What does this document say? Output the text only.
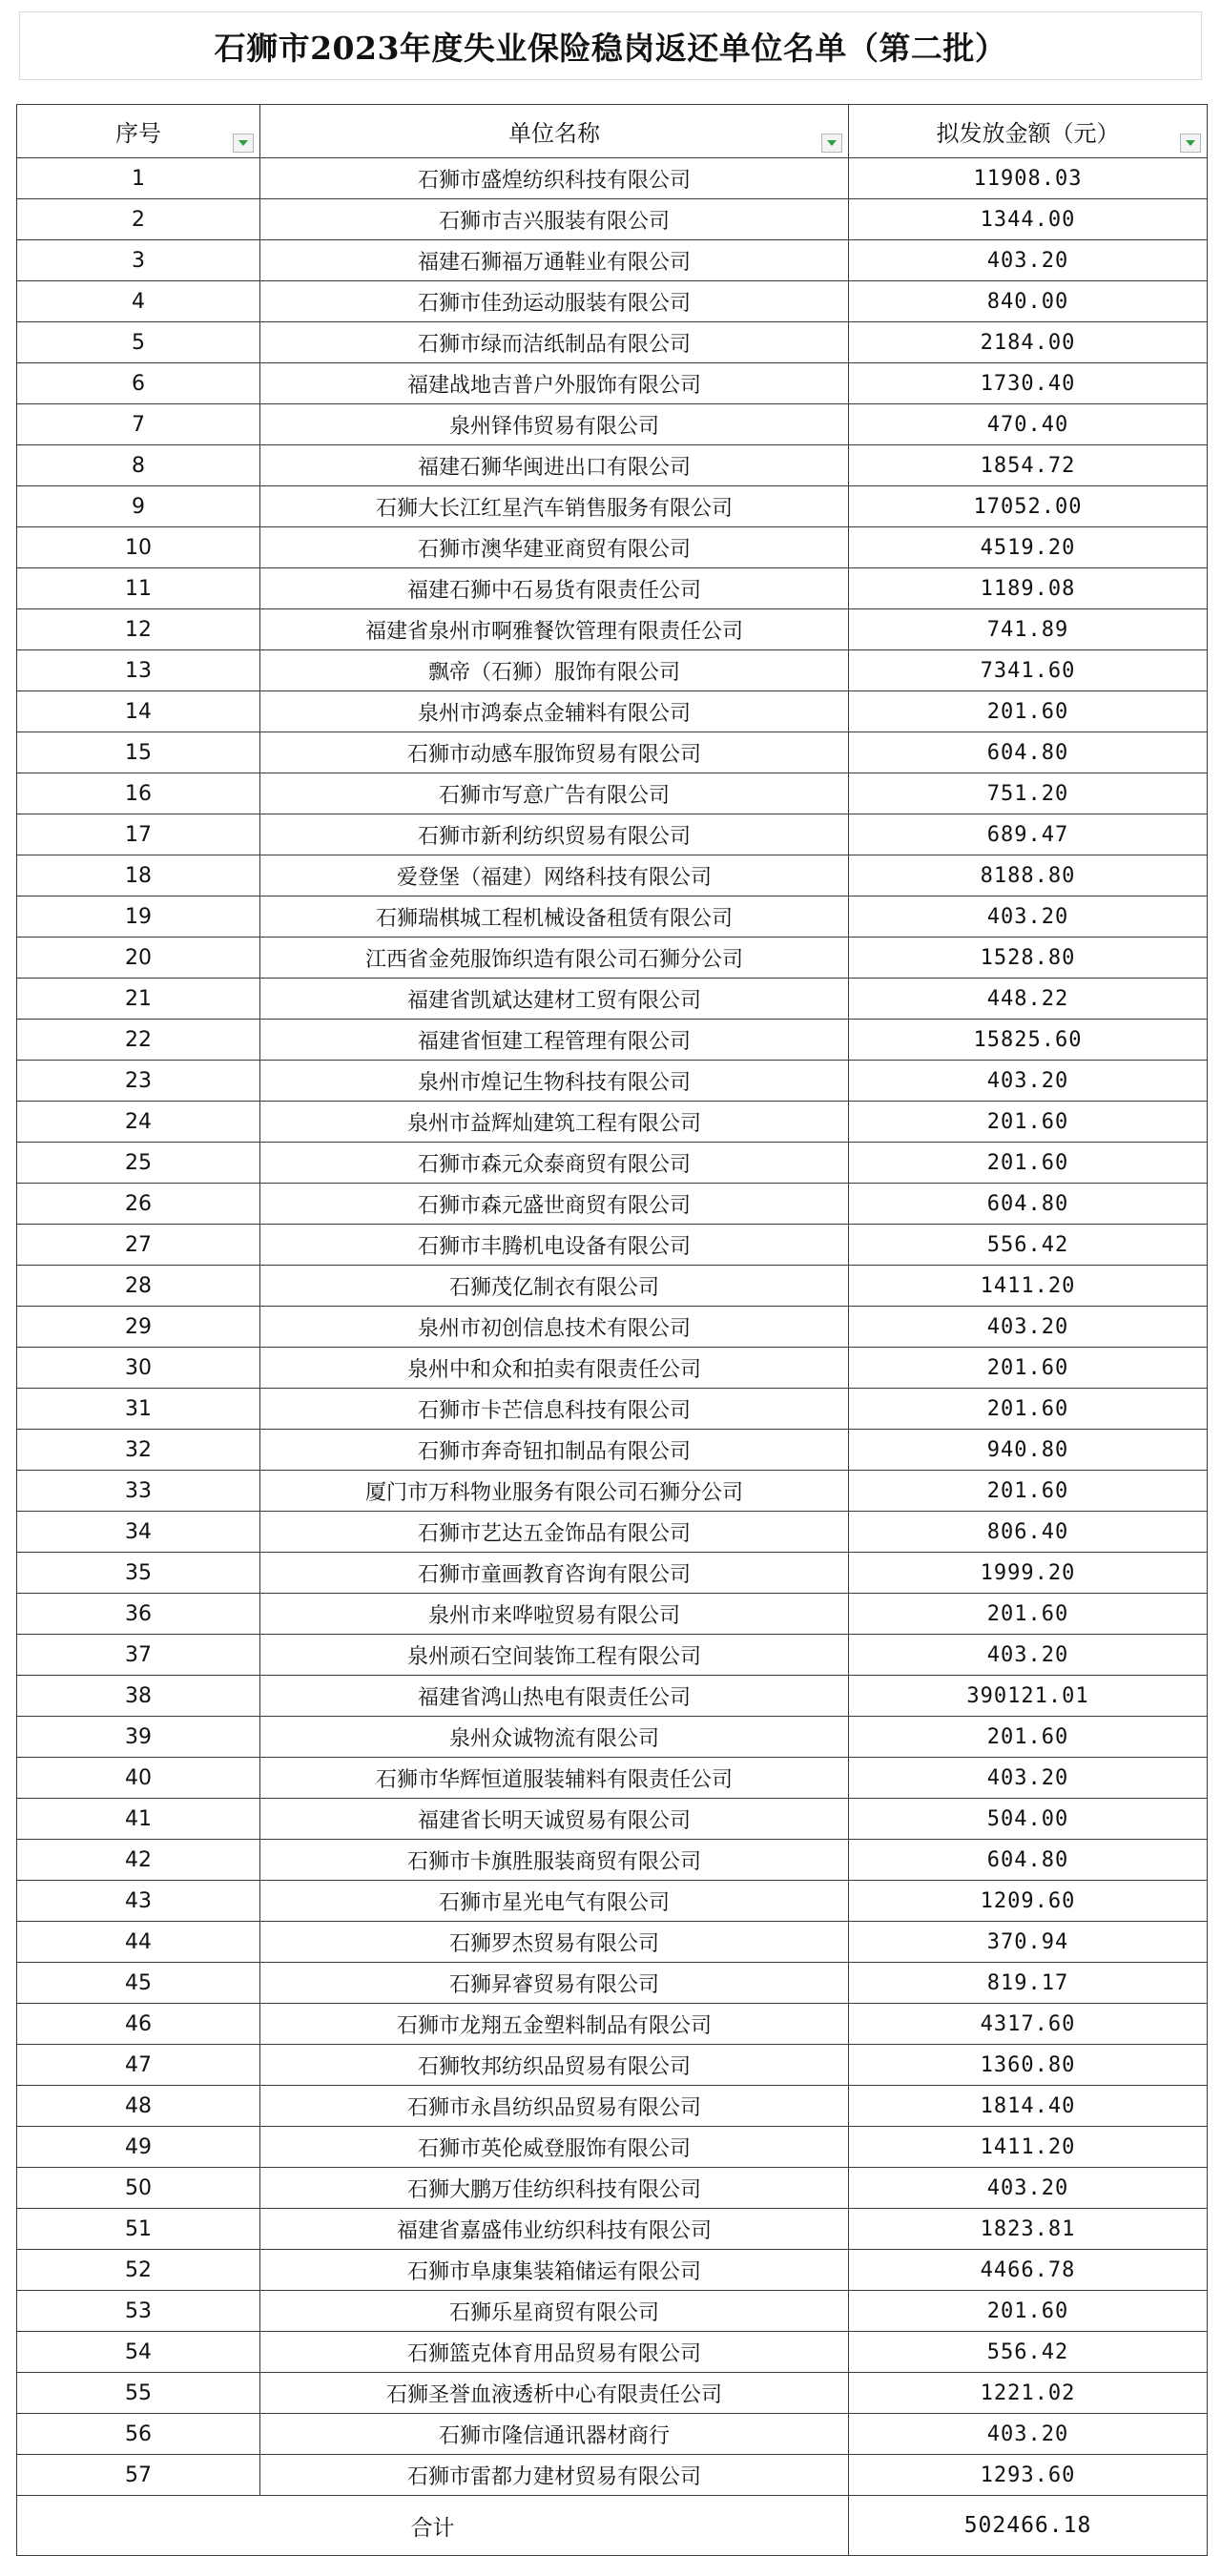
石狮市2023年度失业保险稳岗返还单位名单（第二批）
序号	单位名称	拟发放金额（元）

1	石狮市盛煌纺织科技有限公司	11908.03
2	石狮市吉兴服装有限公司	1344.00
3	福建石狮福万通鞋业有限公司	403.20
4	石狮市佳劲运动服装有限公司	840.00
5	石狮市绿而洁纸制品有限公司	2184.00
6	福建战地吉普户外服饰有限公司	1730.40
7	泉州铎伟贸易有限公司	470.40
8	福建石狮华闽进出口有限公司	1854.72
9	石狮大长江红星汽车销售服务有限公司	17052.00
10	石狮市澳华建亚商贸有限公司	4519.20
11	福建石狮中石易货有限责任公司	1189.08
12	福建省泉州市啊雅餐饮管理有限责任公司	741.89
13	飘帝（石狮）服饰有限公司	7341.60
14	泉州市鸿泰点金辅料有限公司	201.60
15	石狮市动感车服饰贸易有限公司	604.80
16	石狮市写意广告有限公司	751.20
17	石狮市新利纺织贸易有限公司	689.47
18	爱登堡（福建）网络科技有限公司	8188.80
19	石狮瑞棋城工程机械设备租赁有限公司	403.20
20	江西省金苑服饰织造有限公司石狮分公司	1528.80
21	福建省凯斌达建材工贸有限公司	448.22
22	福建省恒建工程管理有限公司	15825.60
23	泉州市煌记生物科技有限公司	403.20
24	泉州市益辉灿建筑工程有限公司	201.60
25	石狮市森元众泰商贸有限公司	201.60
26	石狮市森元盛世商贸有限公司	604.80
27	石狮市丰腾机电设备有限公司	556.42
28	石狮茂亿制衣有限公司	1411.20
29	泉州市初创信息技术有限公司	403.20
30	泉州中和众和拍卖有限责任公司	201.60
31	石狮市卡芒信息科技有限公司	201.60
32	石狮市奔奇钮扣制品有限公司	940.80
33	厦门市万科物业服务有限公司石狮分公司	201.60
34	石狮市艺达五金饰品有限公司	806.40
35	石狮市童画教育咨询有限公司	1999.20
36	泉州市来哗啦贸易有限公司	201.60
37	泉州顽石空间装饰工程有限公司	403.20
38	福建省鸿山热电有限责任公司	390121.01
39	泉州众诚物流有限公司	201.60
40	石狮市华辉恒道服装辅料有限责任公司	403.20
41	福建省长明天诚贸易有限公司	504.00
42	石狮市卡旗胜服装商贸有限公司	604.80
43	石狮市星光电气有限公司	1209.60
44	石狮罗杰贸易有限公司	370.94
45	石狮昇睿贸易有限公司	819.17
46	石狮市龙翔五金塑料制品有限公司	4317.60
47	石狮牧邦纺织品贸易有限公司	1360.80
48	石狮市永昌纺织品贸易有限公司	1814.40
49	石狮市英伦威登服饰有限公司	1411.20
50	石狮大鹏万佳纺织科技有限公司	403.20
51	福建省嘉盛伟业纺织科技有限公司	1823.81
52	石狮市阜康集装箱储运有限公司	4466.78
53	石狮乐星商贸有限公司	201.60
54	石狮篮克体育用品贸易有限公司	556.42
55	石狮圣誉血液透析中心有限责任公司	1221.02
56	石狮市隆信通讯器材商行	403.20
57	石狮市雷都力建材贸易有限公司	1293.60
合计		502466.18
